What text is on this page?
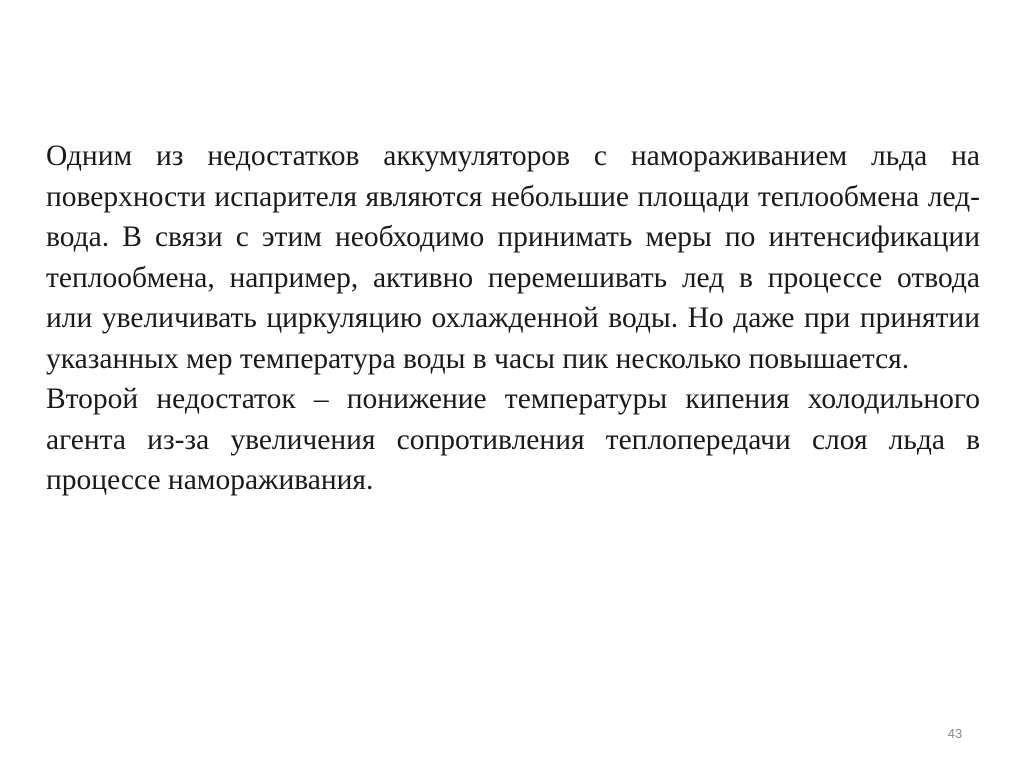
Одним из недостатков аккумуляторов с намораживанием льда на поверхности испарителя являются небольшие площади теплообмена лед-вода. В связи с этим необходимо принимать меры по интенсификации теплообмена, например, активно перемешивать лед в процессе отвода или увеличивать циркуляцию охлажденной воды. Но даже при принятии указанных мер температура воды в часы пик несколько повышается.

Второй недостаток – понижение температуры кипения холодильного агента из-за увеличения сопротивления теплопередачи слоя льда в процессе намораживания.

43
